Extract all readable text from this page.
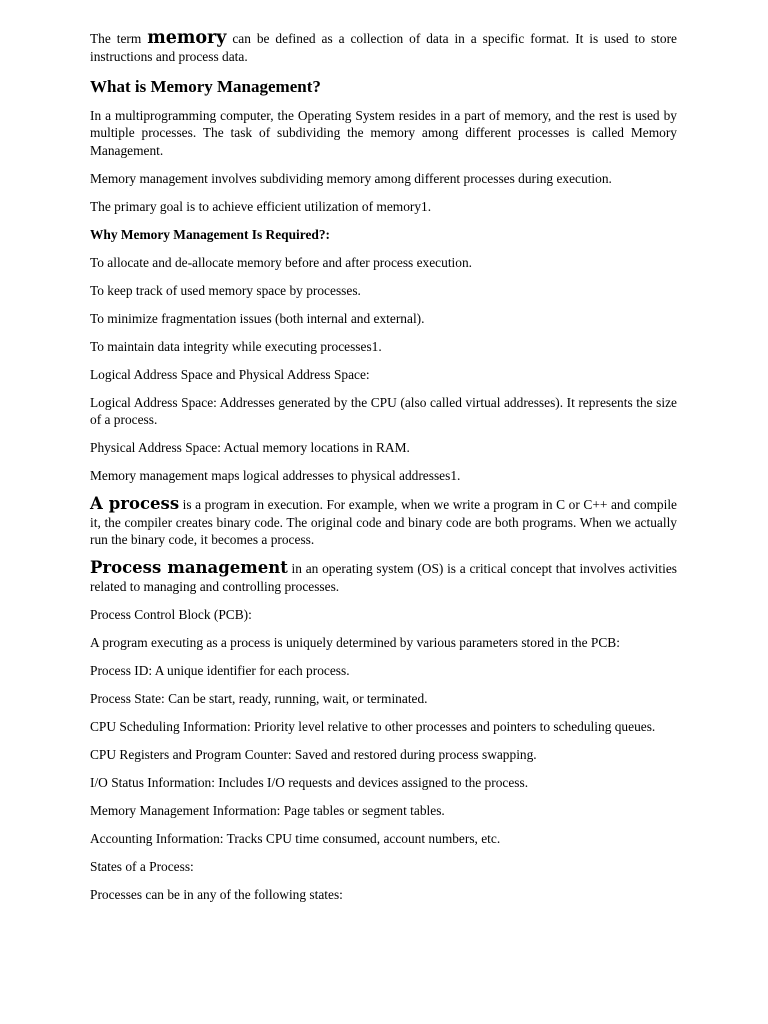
The term memory can be defined as a collection of data in a specific format. It is used to store instructions and process data.

What is Memory Management?

In a multiprogramming computer, the Operating System resides in a part of memory, and the rest is used by multiple processes. The task of subdividing the memory among different processes is called Memory Management.

Memory management involves subdividing memory among different processes during execution.

The primary goal is to achieve efficient utilization of memory1.

Why Memory Management Is Required?:

To allocate and de-allocate memory before and after process execution.

To keep track of used memory space by processes.

To minimize fragmentation issues (both internal and external).

To maintain data integrity while executing processes1.

Logical Address Space and Physical Address Space:

Logical Address Space: Addresses generated by the CPU (also called virtual addresses). It represents the size of a process.

Physical Address Space: Actual memory locations in RAM.

Memory management maps logical addresses to physical addresses1.

A process is a program in execution. For example, when we write a program in C or C++ and compile it, the compiler creates binary code. The original code and binary code are both programs. When we actually run the binary code, it becomes a process.

Process management in an operating system (OS) is a critical concept that involves activities related to managing and controlling processes.

Process Control Block (PCB):

A program executing as a process is uniquely determined by various parameters stored in the PCB:

Process ID: A unique identifier for each process.

Process State: Can be start, ready, running, wait, or terminated.

CPU Scheduling Information: Priority level relative to other processes and pointers to scheduling queues.

CPU Registers and Program Counter: Saved and restored during process swapping.

I/O Status Information: Includes I/O requests and devices assigned to the process.

Memory Management Information: Page tables or segment tables.

Accounting Information: Tracks CPU time consumed, account numbers, etc.

States of a Process:

Processes can be in any of the following states:
